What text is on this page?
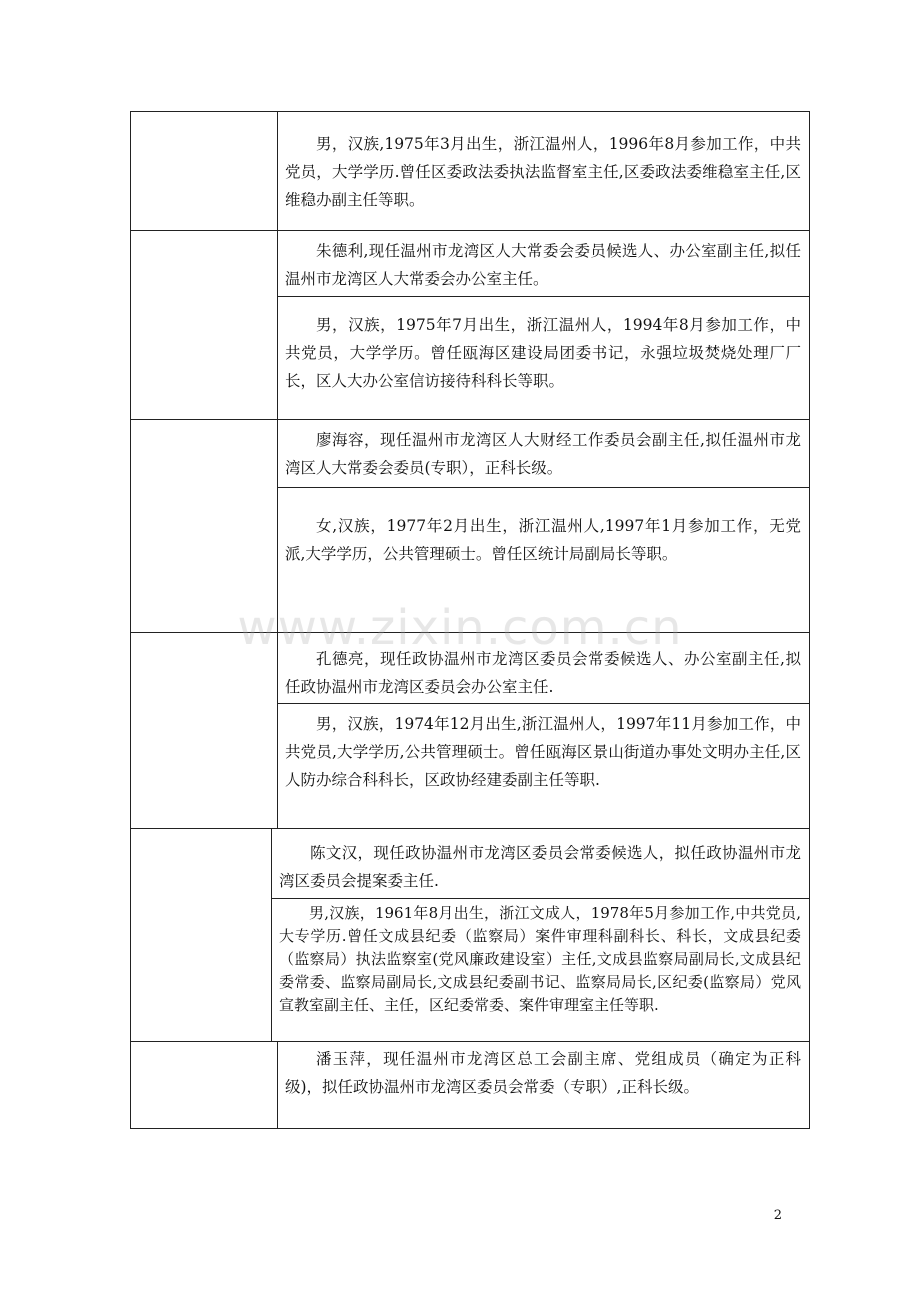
男，汉族,1975年3月出生，浙江温州人，1996年8月参加工作，中共党员，大学学历.曾任区委政法委执法监督室主任,区委政法委维稳室主任,区维稳办副主任等职。
朱德利,现任温州市龙湾区人大常委会委员候选人、办公室副主任,拟任温州市龙湾区人大常委会办公室主任。
男，汉族，1975年7月出生，浙江温州人，1994年8月参加工作，中共党员，大学学历。曾任瓯海区建设局团委书记，永强垃圾焚烧处理厂厂长，区人大办公室信访接待科科长等职。
廖海容，现任温州市龙湾区人大财经工作委员会副主任,拟任温州市龙湾区人大常委会委员(专职），正科长级。
女,汉族，1977年2月出生，浙江温州人,1997年1月参加工作，无党派,大学学历，公共管理硕士。曾任区统计局副局长等职。
孔德亮，现任政协温州市龙湾区委员会常委候选人、办公室副主任,拟任政协温州市龙湾区委员会办公室主任.
男，汉族，1974年12月出生,浙江温州人，1997年11月参加工作，中共党员,大学学历,公共管理硕士。曾任瓯海区景山街道办事处文明办主任,区人防办综合科科长，区政协经建委副主任等职.
陈文汉，现任政协温州市龙湾区委员会常委候选人，拟任政协温州市龙湾区委员会提案委主任.
男,汉族，1961年8月出生，浙江文成人，1978年5月参加工作,中共党员,大专学历.曾任文成县纪委（监察局）案件审理科副科长、科长，文成县纪委（监察局）执法监察室(党风廉政建设室）主任,文成县监察局副局长,文成县纪委常委、监察局副局长,文成县纪委副书记、监察局局长,区纪委(监察局）党风宣教室副主任、主任，区纪委常委、案件审理室主任等职.
潘玉萍，现任温州市龙湾区总工会副主席、党组成员（确定为正科级)，拟任政协温州市龙湾区委员会常委（专职）,正科长级。
www.zixin.com.cn
2
